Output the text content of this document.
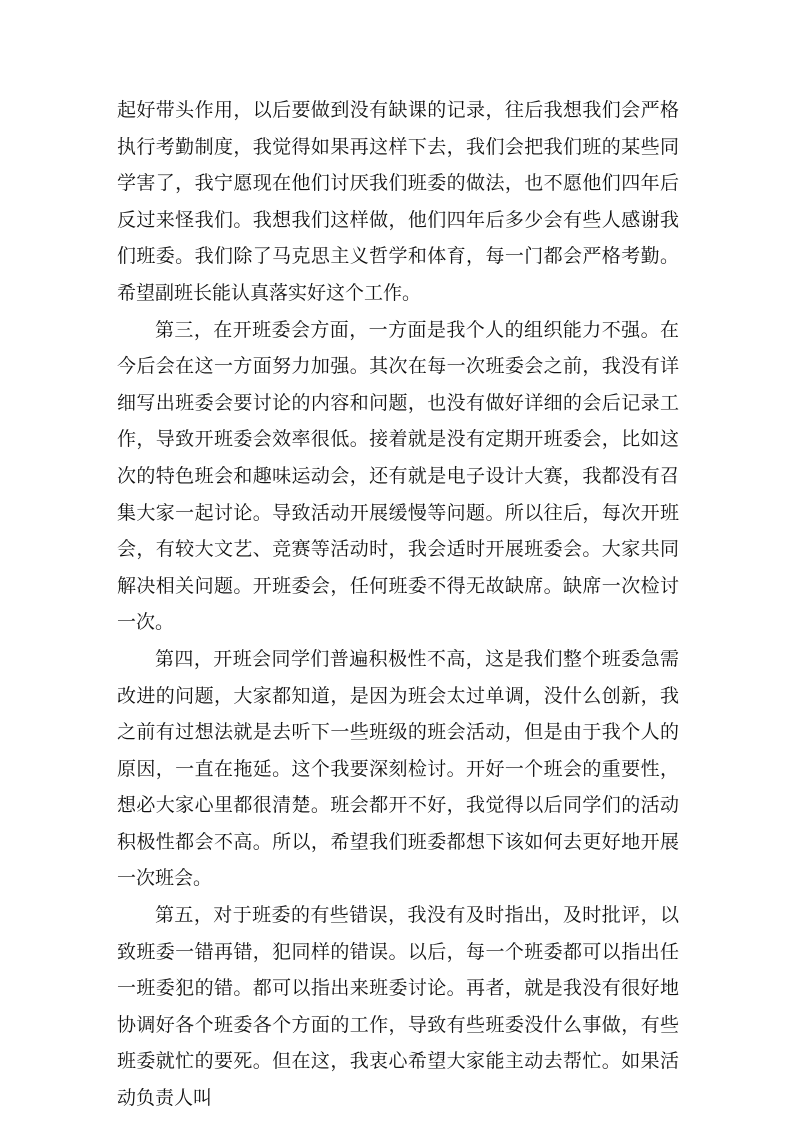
起好带头作用，以后要做到没有缺课的记录，往后我想我们会严格执行考勤制度，我觉得如果再这样下去，我们会把我们班的某些同学害了，我宁愿现在他们讨厌我们班委的做法，也不愿他们四年后反过来怪我们。我想我们这样做，他们四年后多少会有些人感谢我们班委。我们除了马克思主义哲学和体育，每一门都会严格考勤。希望副班长能认真落实好这个工作。

第三，在开班委会方面，一方面是我个人的组织能力不强。在今后会在这一方面努力加强。其次在每一次班委会之前，我没有详细写出班委会要讨论的内容和问题，也没有做好详细的会后记录工作，导致开班委会效率很低。接着就是没有定期开班委会，比如这次的特色班会和趣味运动会，还有就是电子设计大赛，我都没有召集大家一起讨论。导致活动开展缓慢等问题。所以往后，每次开班会，有较大文艺、竞赛等活动时，我会适时开展班委会。大家共同解决相关问题。开班委会，任何班委不得无故缺席。缺席一次检讨一次。

第四，开班会同学们普遍积极性不高，这是我们整个班委急需改进的问题，大家都知道，是因为班会太过单调，没什么创新，我之前有过想法就是去听下一些班级的班会活动，但是由于我个人的原因，一直在拖延。这个我要深刻检讨。开好一个班会的重要性，想必大家心里都很清楚。班会都开不好，我觉得以后同学们的活动积极性都会不高。所以，希望我们班委都想下该如何去更好地开展一次班会。

第五，对于班委的有些错误，我没有及时指出，及时批评，以致班委一错再错，犯同样的错误。以后，每一个班委都可以指出任一班委犯的错。都可以指出来班委讨论。再者，就是我没有很好地协调好各个班委各个方面的工作，导致有些班委没什么事做，有些班委就忙的要死。但在这，我衷心希望大家能主动去帮忙。如果活动负责人叫
